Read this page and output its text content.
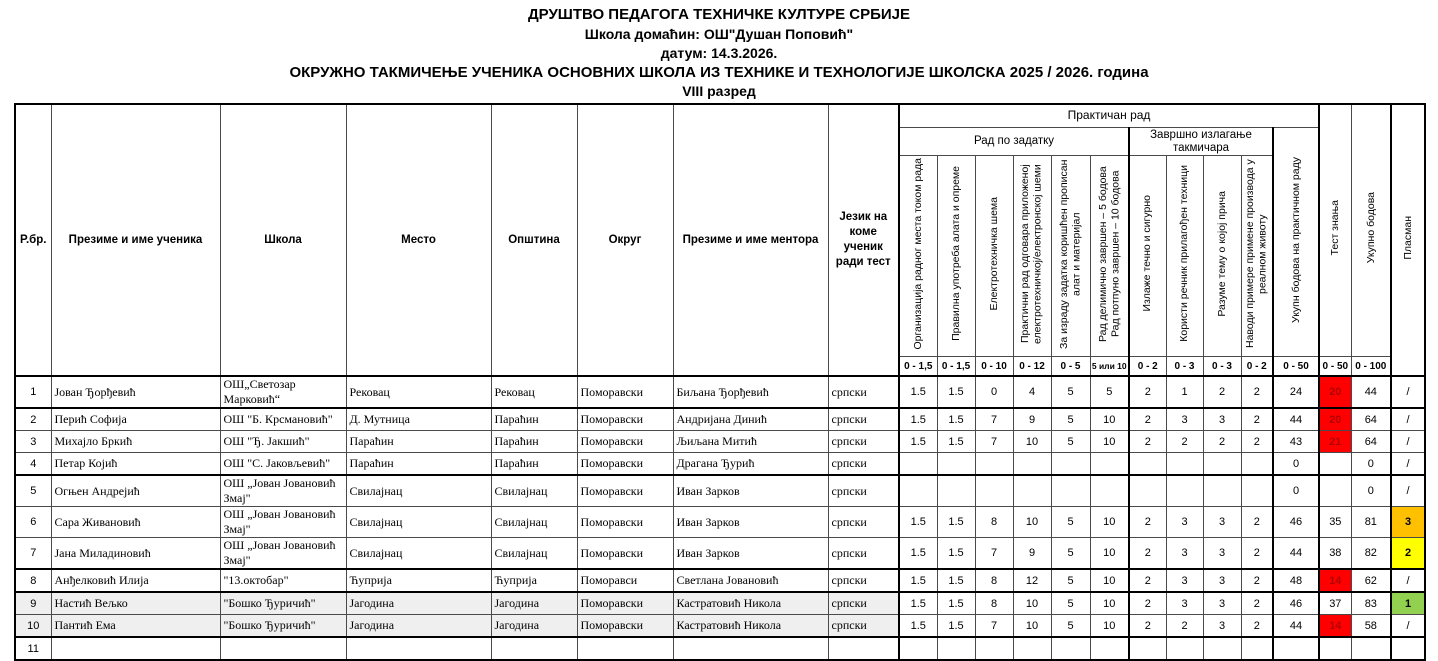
ДРУШТВО ПЕДАГОГА ТЕХНИЧКЕ КУЛТУРЕ СРБИЈЕ
Школа домаћин: ОШ"Душан Поповић"
датум: 14.3.2026.
ОКРУЖНО ТАКМИЧЕЊЕ УЧЕНИКА ОСНОВНИХ ШКОЛА ИЗ ТЕХНИКЕ И ТЕХНОЛОГИЈЕ ШКОЛСКА 2025 / 2026. година
VIII разред
Р.бр.	Презиме и име ученика	Школа	Место	Општина	Округ	Презиме и име ментора	Језик на коме ученик ради тест	Практичан рад											Тест знања	Укупно бодова	Пласман
								Рад по задатку						Завршно излагање такмичара				Укупн бодова на практичном раду			
								Организација радног места током рада	Правилна употреба алата и опреме	Електротехничка шема	Практични рад одговара приложеној електротехничкој/електронској шеми	За израду задатка коришћен прописан алат и материјал	Рад делимично завршен – 5 бодова Рад потпуно завршен – 10 бодова	Излаже течно и сигурно	Користи речник прилагођен техници	Разуме тему о којој прича	Наводи примере примене производа у реалном животу				
								0 - 1,5	0 - 1,5	0 - 10	0 - 12	0 - 5	5 или 10	0 - 2	0 - 3	0 - 3	0 - 2	0 - 50	0 - 50	0 - 100	
1	Јован Ђорђевић	ОШ„Светозар Марковић“	Рековац	Рековац	Поморавски	Биљана Ђорђевић	српски	1.5	1.5	0	4	5	5	2	1	2	2	24	20	44	/
2	Перић Софија	ОШ "Б. Крсмановић"	Д. Мутница	Параћин	Поморавски	Андријана Динић	српски	1.5	1.5	7	9	5	10	2	3	3	2	44	20	64	/
3	Михајло Бркић	ОШ "Ђ. Јакшић"	Параћин	Параћин	Поморавски	Љиљана Митић	српски	1.5	1.5	7	10	5	10	2	2	2	2	43	21	64	/
4	Петар Којић	ОШ "С. Јаковљевић"	Параћин	Параћин	Поморавски	Драгана Ђурић	српски											0		0	/
5	Огњен Андрејић	ОШ „Јован Јовановић Змај"	Свилајнац	Свилајнац	Поморавски	Иван Зарков	српски											0		0	/
6	Сара Живановић	ОШ „Јован Јовановић Змај"	Свилајнац	Свилајнац	Поморавски	Иван Зарков	српски	1.5	1.5	8	10	5	10	2	3	3	2	46	35	81	3
7	Јана Миладиновић	ОШ „Јован Јовановић Змај"	Свилајнац	Свилајнац	Поморавски	Иван Зарков	српски	1.5	1.5	7	9	5	10	2	3	3	2	44	38	82	2
8	Анђелковић Илија	"13.октобар"	Ћуприја	Ћуприја	Поморавси	Светлана Јовановић	српски	1.5	1.5	8	12	5	10	2	3	3	2	48	14	62	/
9	Настић Вељко	"Бошко Ђуричић"	Јагодина	Јагодина	Поморавски	Кастратовић Никола	српски	1.5	1.5	8	10	5	10	2	3	3	2	46	37	83	1
10	Пантић Ема	"Бошко Ђуричић"	Јагодина	Јагодина	Поморавски	Кастратовић Никола	српски	1.5	1.5	7	10	5	10	2	2	3	2	44	14	58	/
11																					
